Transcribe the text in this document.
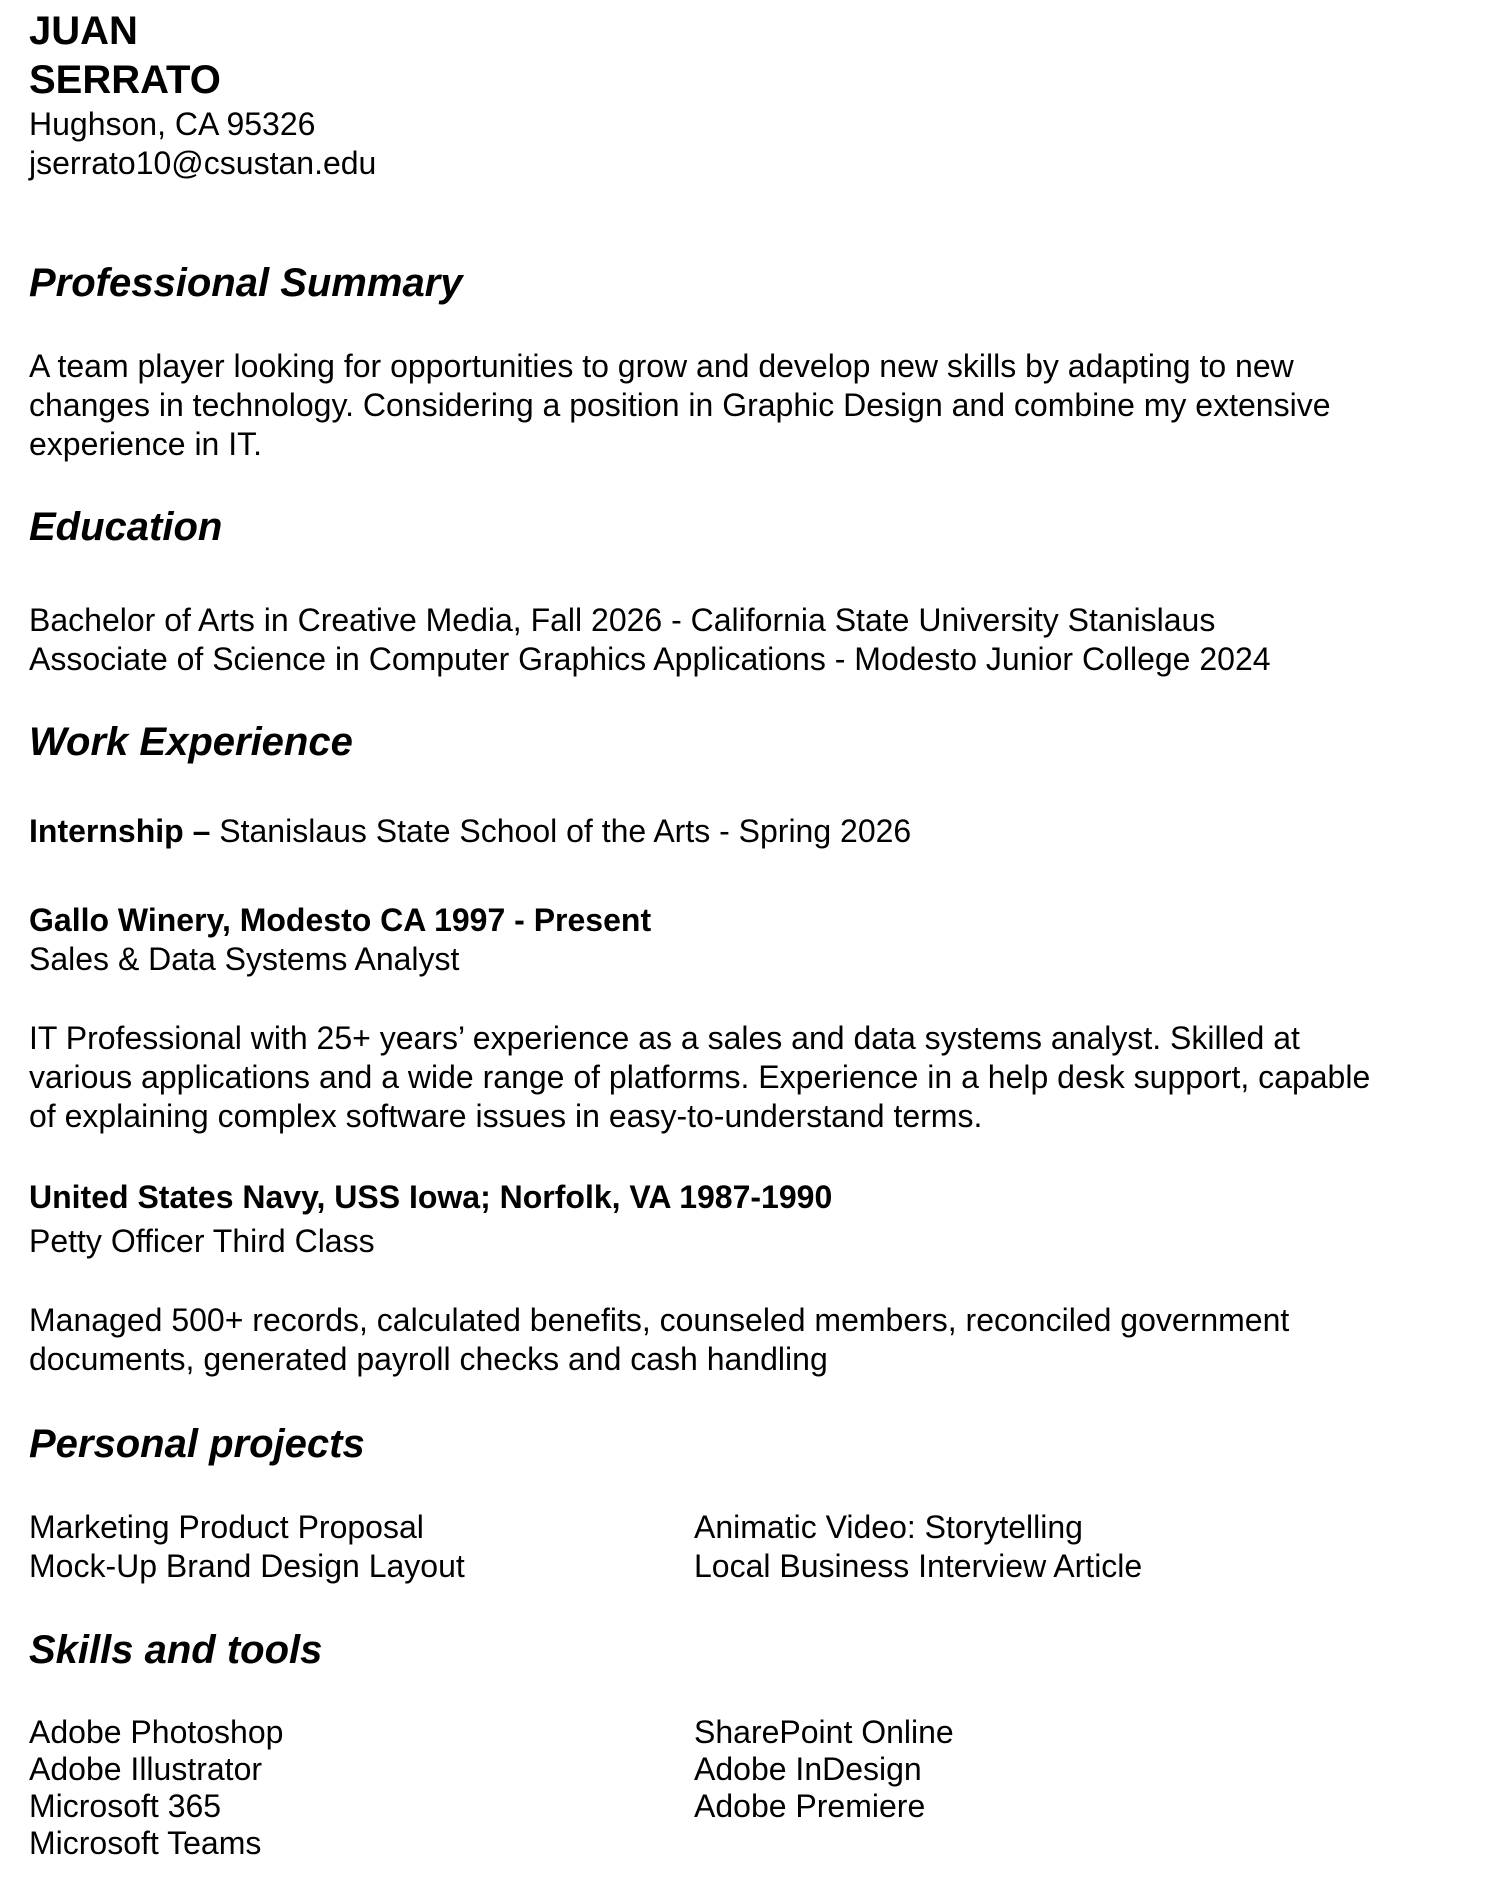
JUAN
SERRATO
Hughson, CA 95326
jserrato10@csustan.edu
Professional Summary
A team player looking for opportunities to grow and develop new skills by adapting to new
changes in technology. Considering a position in Graphic Design and combine my extensive
experience in IT.
Education
Bachelor of Arts in Creative Media, Fall 2026 - California State University Stanislaus
Associate of Science in Computer Graphics Applications - Modesto Junior College 2024
Work Experience
Internship – Stanislaus State School of the Arts - Spring 2026
Gallo Winery, Modesto CA 1997 - Present
Sales & Data Systems Analyst
IT Professional with 25+ years’ experience as a sales and data systems analyst. Skilled at
various applications and a wide range of platforms. Experience in a help desk support, capable
of explaining complex software issues in easy-to-understand terms.
United States Navy, USS Iowa; Norfolk, VA 1987-1990
Petty Officer Third Class
Managed 500+ records, calculated benefits, counseled members, reconciled government
documents, generated payroll checks and cash handling
Personal projects
Marketing Product Proposal
Mock-Up Brand Design Layout
Animatic Video: Storytelling
Local Business Interview Article
Skills and tools
Adobe Photoshop
Adobe Illustrator
Microsoft 365
Microsoft Teams
SharePoint Online
Adobe InDesign
Adobe Premiere
